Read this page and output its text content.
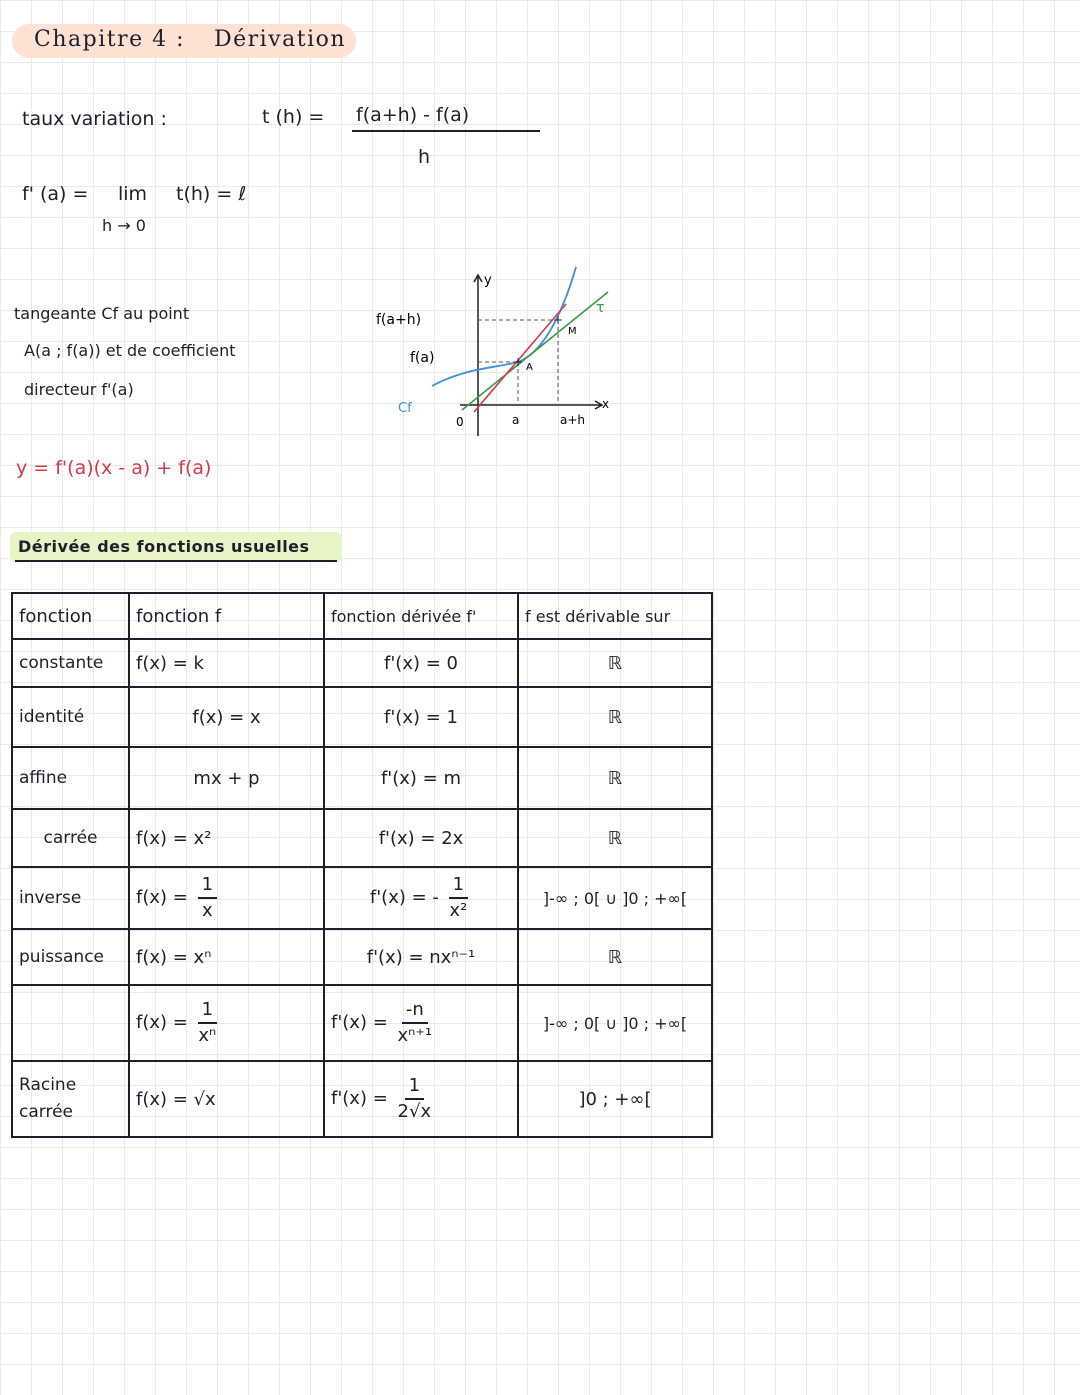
Chapitre 4 : Dérivation
taux variation :	t (h) = f(a+h) - f(a)
h
f' (a) = lim t(h) = ℓ
h → 0
tangeante Cf au point
A(a ; f(a)) et de coefficient
directeur f'(a)
+
+
y
x
f(a+h)
f(a)
Cf
0	a	a+h
A
M
τ
y = f'(a)(x - a) + f(a)
Dérivée des fonctions usuelles
fonction	fonction f	fonction dérivée f'	f est dérivable sur
constante	f(x) = k	f'(x) = 0	ℝ
identité	f(x) = x	f'(x) = 1	ℝ
affine	mx + p	f'(x) = m	ℝ
carrée	f(x) = x²	f'(x) = 2x	ℝ
inverse	$f(x) = \frac{1}{x}$	f'(x) = - $\frac{1}{\text{x²}}$	]-∞ ; 0[ ∪ ]0 ; +∞[
puissance	f(x) = xⁿ	f'(x) = nxⁿ⁻¹	ℝ
	$f(x) = \frac{1}{\text{xⁿ}}$	$f'(x) = \frac{-n}{\text{xⁿ⁺¹}}$	]-∞ ; 0[ ∪ ]0 ; +∞[
Racine carrée	f(x) = √x	$f'(x) = \frac{1}{2√x}$	]0 ; +∞[
